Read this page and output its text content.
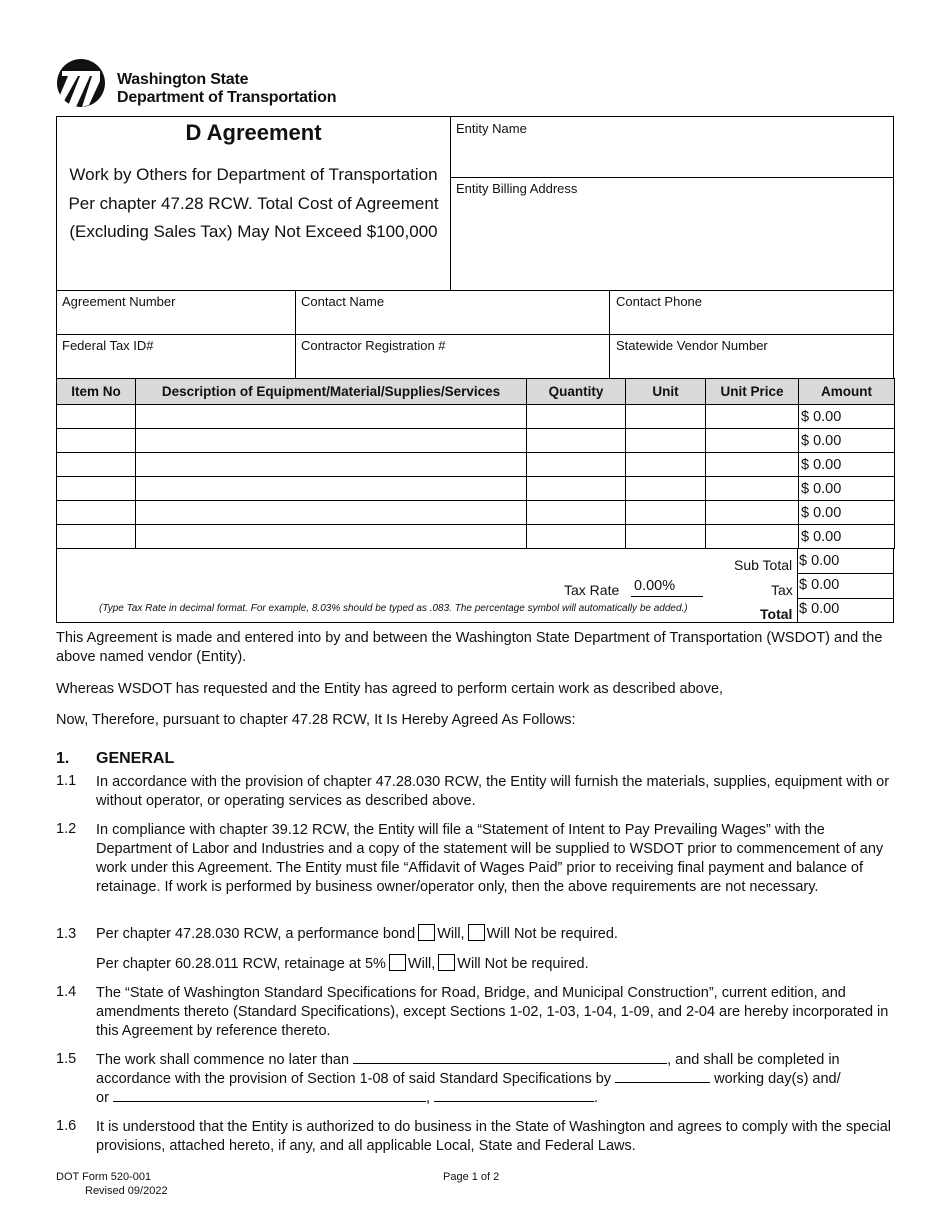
Washington State
Department of Transportation
D Agreement
Work by Others for Department of Transportation Per chapter 47.28 RCW. Total Cost of Agreement (Excluding Sales Tax) May Not Exceed $100,000
Entity Name
Entity Billing Address
Agreement Number	Contact Name	Contact Phone
Federal Tax ID#	Contractor Registration #	Statewide Vendor Number
Item No	Description of Equipment/Material/Supplies/Services	Quantity	Unit	Unit Price	Amount
					$ 0.00
					$ 0.00
					$ 0.00
					$ 0.00
					$ 0.00
					$ 0.00
Sub Total $ 0.00
Tax Rate 0.00%	Tax $ 0.00
(Type Tax Rate in decimal format. For example, 8.03% should be typed as .083. The percentage symbol will automatically be added.)	Total $ 0.00
This Agreement is made and entered into by and between the Washington State Department of Transportation (WSDOT) and the above named vendor (Entity).
Whereas WSDOT has requested and the Entity has agreed to perform certain work as described above,
Now, Therefore, pursuant to chapter 47.28 RCW, It Is Hereby Agreed As Follows:
1. GENERAL
1.1 In accordance with the provision of chapter 47.28.030 RCW, the Entity will furnish the materials, supplies, equipment with or without operator, or operating services as described above.
1.2 In compliance with chapter 39.12 RCW, the Entity will file a “Statement of Intent to Pay Prevailing Wages” with the Department of Labor and Industries and a copy of the statement will be supplied to WSDOT prior to commencement of any work under this Agreement. The Entity must file “Affidavit of Wages Paid” prior to receiving final payment and balance of retainage. If work is performed by business owner/operator only, then the above requirements are not necessary.
1.3 Per chapter 47.28.030 RCW, a performance bond Will, Will Not be required.
Per chapter 60.28.011 RCW, retainage at 5% Will, Will Not be required.
1.4 The “State of Washington Standard Specifications for Road, Bridge, and Municipal Construction”, current edition, and amendments thereto (Standard Specifications), except Sections 1-02, 1-03, 1-04, 1-09, and 2-04 are hereby incorporated in this Agreement by reference thereto.
1.5 The work shall commence no later than	, and shall be completed in
accordance with the provision of Section 1-08 of said Standard Specifications by	working day(s) and/
or	,	.
1.6 It is understood that the Entity is authorized to do business in the State of Washington and agrees to comply with the special provisions, attached hereto, if any, and all applicable Local, State and Federal Laws.
DOT Form 520-001
Revised 09/2022
Page 1 of 2
